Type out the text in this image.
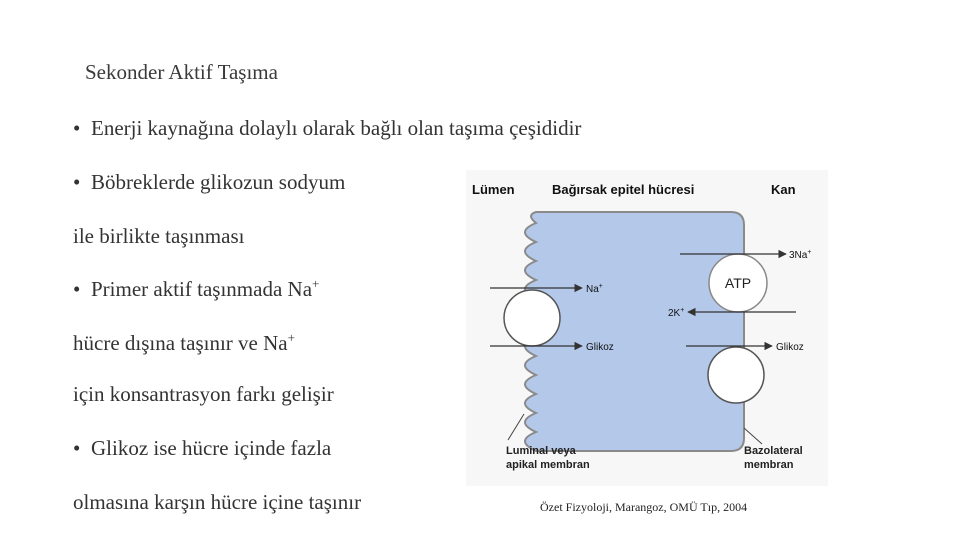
Sekonder Aktif Taşıma
• Enerji kaynağına dolaylı olarak bağlı olan taşıma çeşididir
• Böbreklerde glikozun sodyum
ile birlikte taşınması
• Primer aktif taşınmada Na+
hücre dışına taşınır ve Na+
için konsantrasyon farkı gelişir
• Glikoz ise hücre içinde fazla
olmasına karşın hücre içine taşınır
Lümen	Bağırsak epitel hücresi	Kan
ATP
3Na+
2K+
Na+
Glikoz	Glikoz
Luminal veya
apikal membran
Bazolateral
membran
Özet Fizyoloji, Marangoz, OMÜ Tıp, 2004
